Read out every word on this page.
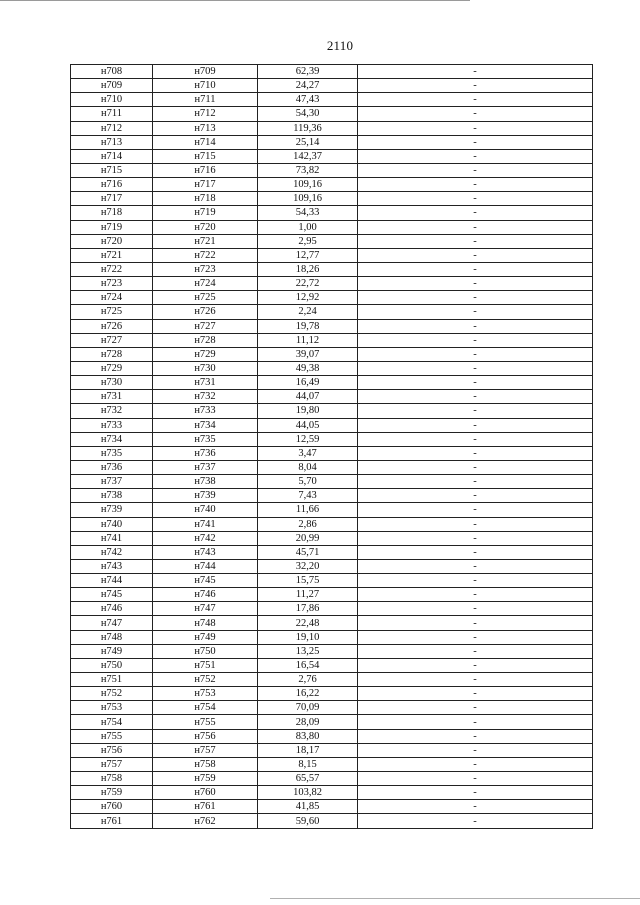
2110
н708	н709	62,39	-
н709	н710	24,27	-
н710	н711	47,43	-
н711	н712	54,30	-
н712	н713	119,36	-
н713	н714	25,14	-
н714	н715	142,37	-
н715	н716	73,82	-
н716	н717	109,16	-
н717	н718	109,16	-
н718	н719	54,33	-
н719	н720	1,00	-
н720	н721	2,95	-
н721	н722	12,77	-
н722	н723	18,26	-
н723	н724	22,72	-
н724	н725	12,92	-
н725	н726	2,24	-
н726	н727	19,78	-
н727	н728	11,12	-
н728	н729	39,07	-
н729	н730	49,38	-
н730	н731	16,49	-
н731	н732	44,07	-
н732	н733	19,80	-
н733	н734	44,05	-
н734	н735	12,59	-
н735	н736	3,47	-
н736	н737	8,04	-
н737	н738	5,70	-
н738	н739	7,43	-
н739	н740	11,66	-
н740	н741	2,86	-
н741	н742	20,99	-
н742	н743	45,71	-
н743	н744	32,20	-
н744	н745	15,75	-
н745	н746	11,27	-
н746	н747	17,86	-
н747	н748	22,48	-
н748	н749	19,10	-
н749	н750	13,25	-
н750	н751	16,54	-
н751	н752	2,76	-
н752	н753	16,22	-
н753	н754	70,09	-
н754	н755	28,09	-
н755	н756	83,80	-
н756	н757	18,17	-
н757	н758	8,15	-
н758	н759	65,57	-
н759	н760	103,82	-
н760	н761	41,85	-
н761	н762	59,60	-
